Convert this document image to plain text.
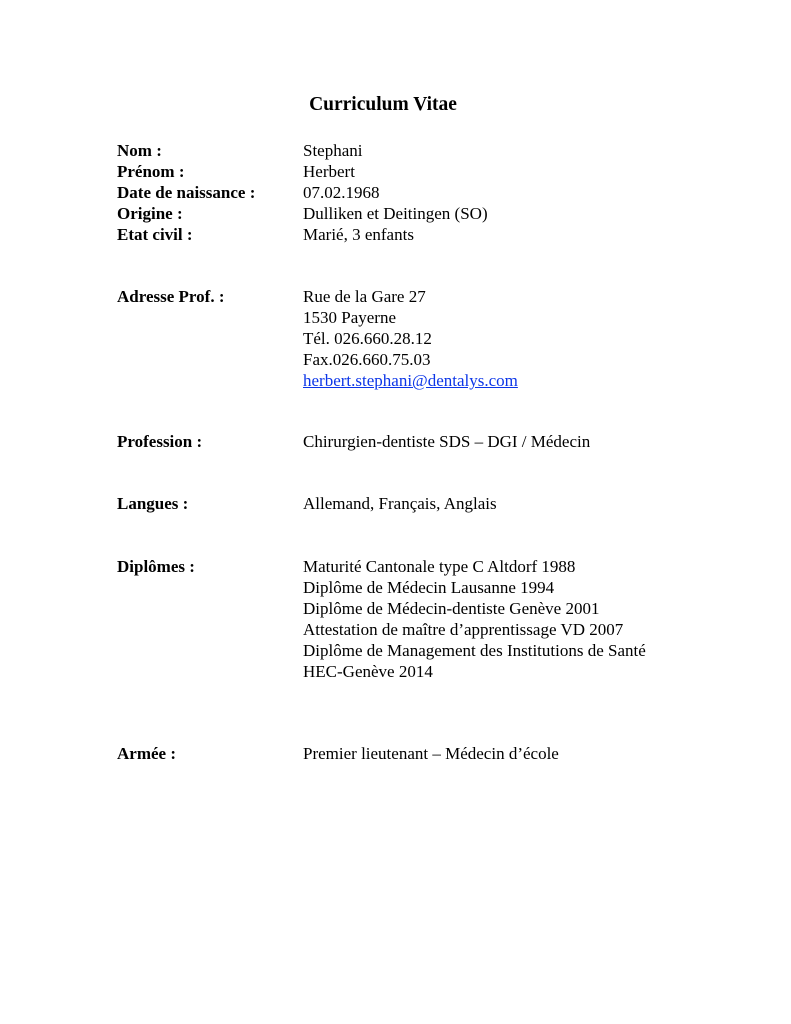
Curriculum Vitae
Nom :	Stephani
Prénom :	Herbert
Date de naissance :	07.02.1968
Origine :	Dulliken et Deitingen (SO)
Etat civil :	Marié, 3 enfants
Adresse Prof. :	Rue de la Gare 27
1530 Payerne
Tél. 026.660.28.12
Fax.026.660.75.03
herbert.stephani@dentalys.com
Profession :	Chirurgien-dentiste SDS – DGI / Médecin
Langues :	Allemand, Français, Anglais
Diplômes :	Maturité Cantonale type C Altdorf 1988
Diplôme de Médecin Lausanne 1994
Diplôme de Médecin-dentiste Genève 2001
Attestation de maître d’apprentissage VD 2007
Diplôme de Management des Institutions de Santé
HEC-Genève 2014
Armée :	Premier lieutenant – Médecin d’école
